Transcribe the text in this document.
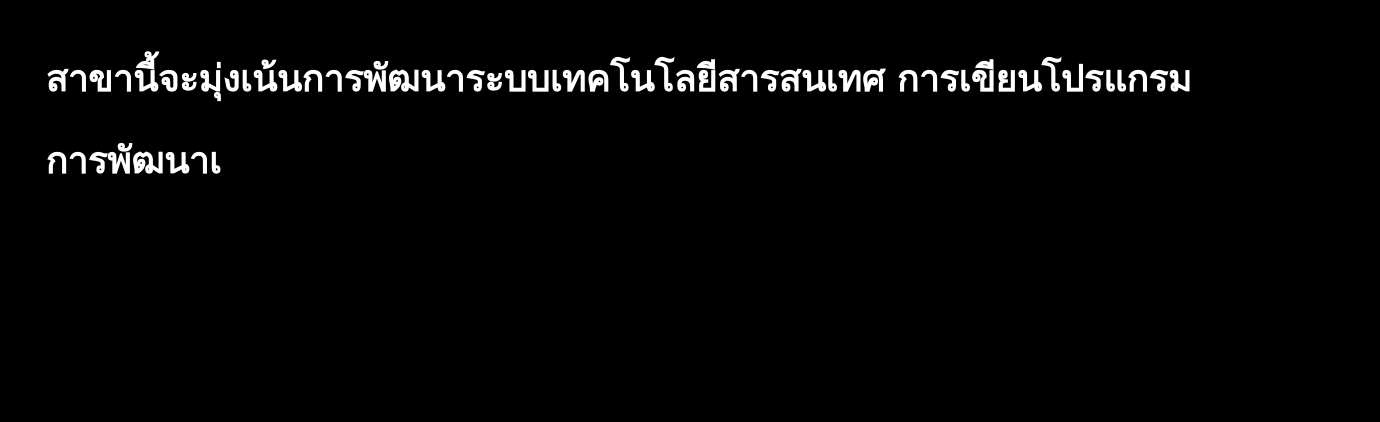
สาขานี้จะมุ่งเน้นการพัฒนาระบบเทคโนโลยีสารสนเทศ การเขียนโปรแกรม
การพัฒนาเ
